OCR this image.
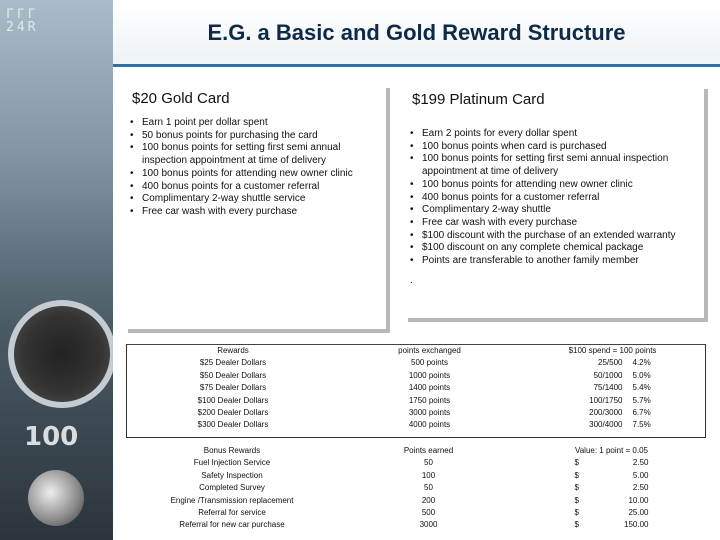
ΓΓΓ
24R
100
E.G. a Basic and Gold Reward Structure
$20 Gold Card
• Earn 1 point per dollar spent
• 50 bonus points for purchasing the card
• 100 bonus points for setting first semi annual inspection appointment at time of delivery
• 100 bonus points for attending new owner clinic
• 400 bonus points for a customer referral
• Complimentary 2-way shuttle service
• Free car wash with every purchase
$199 Platinum Card
• Earn 2 points for every dollar spent
• 100 bonus points when card is purchased
• 100 bonus points for setting first semi annual inspection appointment at time of delivery
• 100 bonus points for attending new owner clinic
• 400 bonus points for a customer referral
• Complimentary 2-way shuttle
• Free car wash with every purchase
• $100 discount with the purchase of an extended warranty
• $100 discount on any complete chemical package
• Points are transferable to another family member
.
Rewards	points exchanged	$100 spend = 100 points
$25 Dealer Dollars	500 points	25/500	4.2%
$50 Dealer Dollars	1000 points	50/1000	5.0%
$75 Dealer Dollars	1400 points	75/1400	5.4%
$100 Dealer Dollars	1750 points	100/1750	5.7%
$200 Dealer Dollars	3000 points	200/3000	6.7%
$300 Dealer Dollars	4000 points	300/4000	7.5%
Bonus Rewards	Points earned	Value: 1 point = 0.05
Fuel Injection Service	50	$	2.50
Safety Inspection	100	$	5.00
Completed Survey	50	$	2.50
Engine /Transmission replacement	200	$	10.00
Referral for service	500	$	25.00
Referral for new car purchase	3000	$	150.00
